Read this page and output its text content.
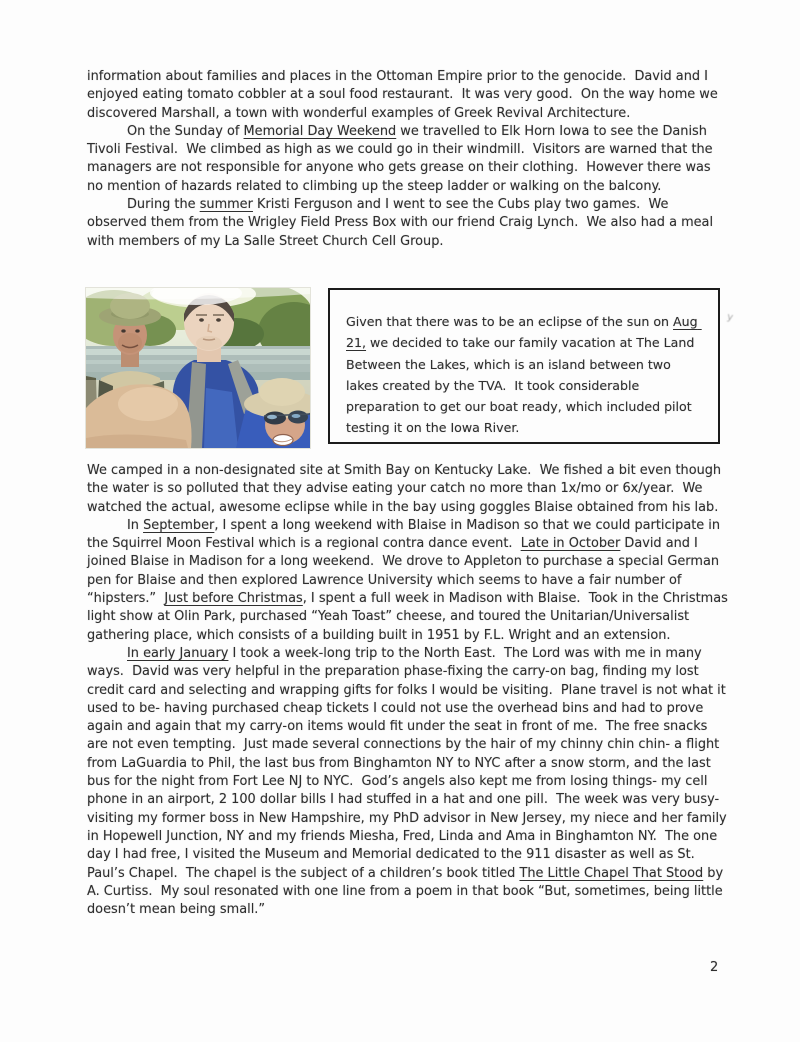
information about families and places in the Ottoman Empire prior to the genocide.  David and I enjoyed eating tomato cobbler at a soul food restaurant.  It was very good.  On the way home we discovered Marshall, a town with wonderful examples of Greek Revival Architecture.

On the Sunday of Memorial Day Weekend we travelled to Elk Horn Iowa to see the Danish Tivoli Festival.  We climbed as high as we could go in their windmill.  Visitors are warned that the managers are not responsible for anyone who gets grease on their clothing.  However there was no mention of hazards related to climbing up the steep ladder or walking on the balcony.

During the summer Kristi Ferguson and I went to see the Cubs play two games.  We observed them from the Wrigley Field Press Box with our friend Craig Lynch.  We also had a meal with members of my La Salle Street Church Cell Group.

Given that there was to be an eclipse of the sun on Aug 21, we decided to take our family vacation at The Land Between the Lakes, which is an island between two lakes created by the TVA.  It took considerable preparation to get our boat ready, which included pilot testing it on the Iowa River.

y

We camped in a non-designated site at Smith Bay on Kentucky Lake.  We fished a bit even though the water is so polluted that they advise eating your catch no more than 1x/mo or 6x/year.  We watched the actual, awesome eclipse while in the bay using goggles Blaise obtained from his lab.

In September, I spent a long weekend with Blaise in Madison so that we could participate in the Squirrel Moon Festival which is a regional contra dance event.  Late in October David and I joined Blaise in Madison for a long weekend.  We drove to Appleton to purchase a special German pen for Blaise and then explored Lawrence University which seems to have a fair number of “hipsters.”  Just before Christmas, I spent a full week in Madison with Blaise.  Took in the Christmas light show at Olin Park, purchased “Yeah Toast” cheese, and toured the Unitarian/Universalist gathering place, which consists of a building built in 1951 by F.L. Wright and an extension.

In early January I took a week-long trip to the North East.  The Lord was with me in many ways.  David was very helpful in the preparation phase-fixing the carry-on bag, finding my lost credit card and selecting and wrapping gifts for folks I would be visiting.  Plane travel is not what it used to be- having purchased cheap tickets I could not use the overhead bins and had to prove again and again that my carry-on items would fit under the seat in front of me.  The free snacks are not even tempting.  Just made several connections by the hair of my chinny chin chin- a flight from LaGuardia to Phil, the last bus from Binghamton NY to NYC after a snow storm, and the last bus for the night from Fort Lee NJ to NYC.  God’s angels also kept me from losing things- my cell phone in an airport, 2 100 dollar bills I had stuffed in a hat and one pill.  The week was very busy- visiting my former boss in New Hampshire, my PhD advisor in New Jersey, my niece and her family in Hopewell Junction, NY and my friends Miesha, Fred, Linda and Ama in Binghamton NY.  The one day I had free, I visited the Museum and Memorial dedicated to the 911 disaster as well as St. Paul’s Chapel.  The chapel is the subject of a children’s book titled The Little Chapel That Stood by A. Curtiss.  My soul resonated with one line from a poem in that book “But, sometimes, being little doesn’t mean being small.”

2
